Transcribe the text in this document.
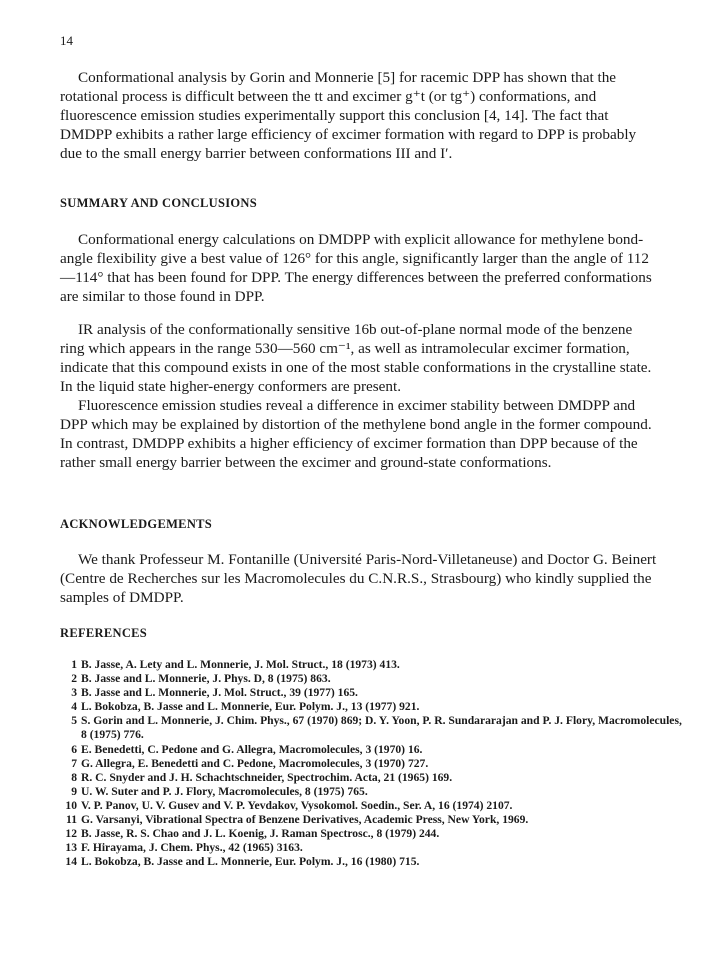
14

Conformational analysis by Gorin and Monnerie [5] for racemic DPP has shown that the rotational process is difficult between the tt and excimer g⁺t (or tg⁺) conformations, and fluorescence emission studies experimentally support this conclusion [4, 14]. The fact that DMDPP exhibits a rather large efficiency of excimer formation with regard to DPP is probably due to the small energy barrier between conformations III and I′.

SUMMARY AND CONCLUSIONS

Conformational energy calculations on DMDPP with explicit allowance for methylene bond-angle flexibility give a best value of 126° for this angle, significantly larger than the angle of 112—114° that has been found for DPP. The energy differences between the preferred conformations are similar to those found in DPP.

IR analysis of the conformationally sensitive 16b out-of-plane normal mode of the benzene ring which appears in the range 530—560 cm⁻¹, as well as intramolecular excimer formation, indicate that this compound exists in one of the most stable conformations in the crystalline state. In the liquid state higher-energy conformers are present.

Fluorescence emission studies reveal a difference in excimer stability between DMDPP and DPP which may be explained by distortion of the methylene bond angle in the former compound. In contrast, DMDPP exhibits a higher efficiency of excimer formation than DPP because of the rather small energy barrier between the excimer and ground-state conformations.

ACKNOWLEDGEMENTS

We thank Professeur M. Fontanille (Université Paris-Nord-Villetaneuse) and Doctor G. Beinert (Centre de Recherches sur les Macromolecules du C.N.R.S., Strasbourg) who kindly supplied the samples of DMDPP.

REFERENCES
1 B. Jasse, A. Lety and L. Monnerie, J. Mol. Struct., 18 (1973) 413.
2 B. Jasse and L. Monnerie, J. Phys. D, 8 (1975) 863.
3 B. Jasse and L. Monnerie, J. Mol. Struct., 39 (1977) 165.
4 L. Bokobza, B. Jasse and L. Monnerie, Eur. Polym. J., 13 (1977) 921.
5 S. Gorin and L. Monnerie, J. Chim. Phys., 67 (1970) 869; D. Y. Yoon, P. R. Sundararajan and P. J. Flory, Macromolecules, 8 (1975) 776.
6 E. Benedetti, C. Pedone and G. Allegra, Macromolecules, 3 (1970) 16.
7 G. Allegra, E. Benedetti and C. Pedone, Macromolecules, 3 (1970) 727.
8 R. C. Snyder and J. H. Schachtschneider, Spectrochim. Acta, 21 (1965) 169.
9 U. W. Suter and P. J. Flory, Macromolecules, 8 (1975) 765.
10 V. P. Panov, U. V. Gusev and V. P. Yevdakov, Vysokomol. Soedin., Ser. A, 16 (1974) 2107.
11 G. Varsanyi, Vibrational Spectra of Benzene Derivatives, Academic Press, New York, 1969.
12 B. Jasse, R. S. Chao and J. L. Koenig, J. Raman Spectrosc., 8 (1979) 244.
13 F. Hirayama, J. Chem. Phys., 42 (1965) 3163.
14 L. Bokobza, B. Jasse and L. Monnerie, Eur. Polym. J., 16 (1980) 715.
